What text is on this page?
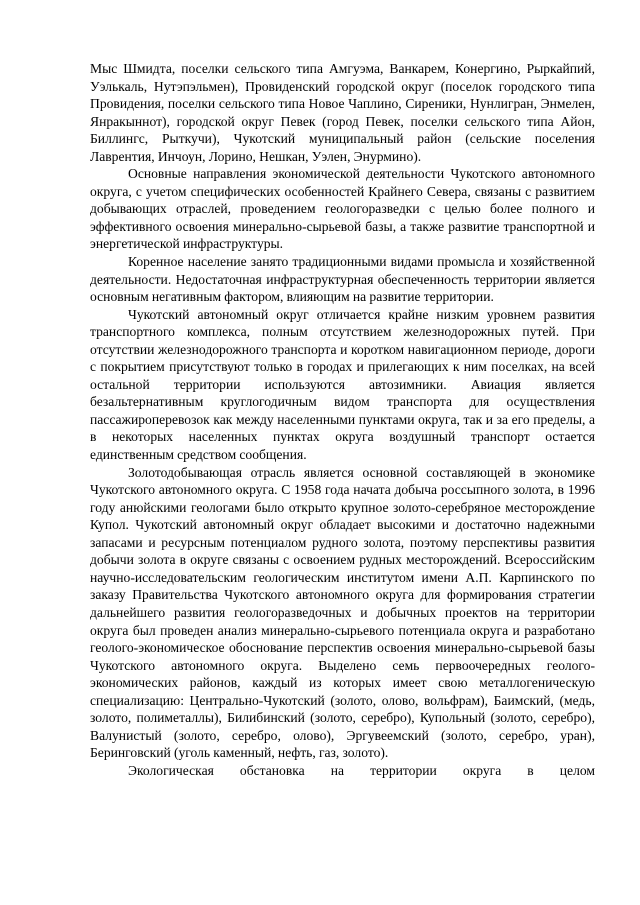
Мыс Шмидта, поселки сельского типа Амгуэма, Ванкарем, Конергино, Рыркайпий, Уэлькаль, Нутэпэльмен), Провиденский городской округ (поселок городского типа Провидения, поселки сельского типа Новое Чаплино, Сиреники, Нунлигран, Энмелен, Янракыннот), городской округ Певек (город Певек, поселки сельского типа Айон, Биллингс, Рыткучи), Чукотский муниципальный район (сельские поселения Лаврентия, Инчоун, Лорино, Нешкан, Уэлен, Энурмино).

Основные направления экономической деятельности Чукотского автономного округа, с учетом специфических особенностей Крайнего Севера, связаны с развитием добывающих отраслей, проведением геологоразведки с целью более полного и эффективного освоения минерально-сырьевой базы, а также развитие транспортной и энергетической инфраструктуры.

Коренное население занято традиционными видами промысла и хозяйственной деятельности. Недостаточная инфраструктурная обеспеченность территории является основным негативным фактором, влияющим на развитие территории.

Чукотский автономный округ отличается крайне низким уровнем развития транспортного комплекса, полным отсутствием железнодорожных путей. При отсутствии железнодорожного транспорта и коротком навигационном периоде, дороги с покрытием присутствуют только в городах и прилегающих к ним поселках, на всей остальной территории используются автозимники. Авиация является безальтернативным круглогодичным видом транспорта для осуществления пассажироперевозок как между населенными пунктами округа, так и за его пределы, а в некоторых населенных пунктах округа воздушный транспорт остается единственным средством сообщения.

Золотодобывающая отрасль является основной составляющей в экономике Чукотского автономного округа. С 1958 года начата добыча россыпного золота, в 1996 году анюйскими геологами было открыто крупное золото-серебряное месторождение Купол. Чукотский автономный округ обладает высокими и достаточно надежными запасами и ресурсным потенциалом рудного золота, поэтому перспективы развития добычи золота в округе связаны с освоением рудных месторождений. Всероссийским научно-исследовательским геологическим институтом имени А.П. Карпинского по заказу Правительства Чукотского автономного округа для формирования стратегии дальнейшего развития геологоразведочных и добычных проектов на территории округа был проведен анализ минерально-сырьевого потенциала округа и разработано геолого-экономическое обоснование перспектив освоения минерально-сырьевой базы Чукотского автономного округа. Выделено семь первоочередных геолого-экономических районов, каждый из которых имеет свою металлогеническую специализацию: Центрально-Чукотский (золото, олово, вольфрам), Баимский, (медь, золото, полиметаллы), Билибинский (золото, серебро), Купольный (золото, серебро), Валунистый (золото, серебро, олово), Эргувеемский (золото, серебро, уран), Беринговский (уголь каменный, нефть, газ, золото).

Экологическая обстановка на территории округа в целом
